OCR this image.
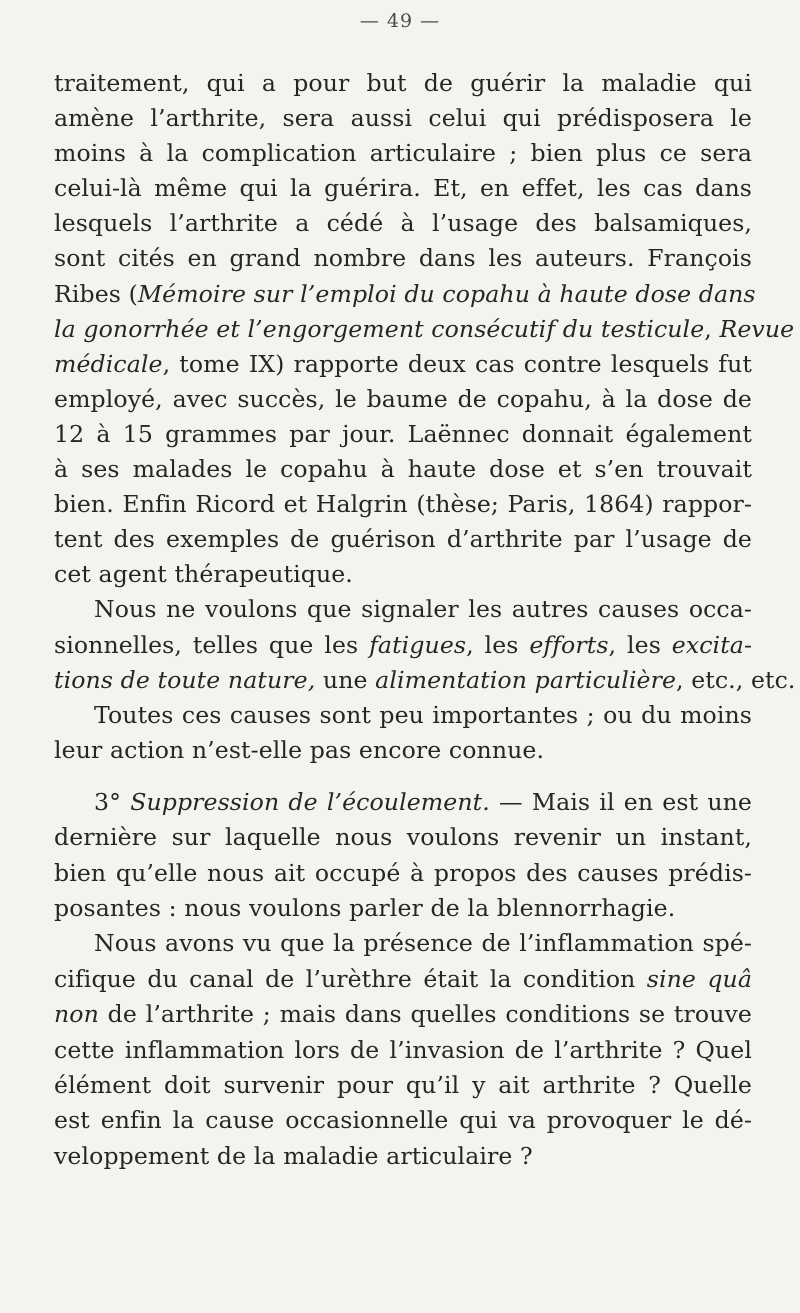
— 49 —
traitement, qui a pour but de guérir la maladie qui
amène l’arthrite, sera aussi celui qui prédisposera le
moins à la complication articulaire ; bien plus ce sera
celui-là même qui la guérira. Et, en effet, les cas dans
lesquels l’arthrite a cédé à l’usage des balsamiques,
sont cités en grand nombre dans les auteurs. François
Ribes (Mémoire sur l’emploi du copahu à haute dose dans
la gonorrhée et l’engorgement consécutif du testicule, Revue
médicale, tome IX) rapporte deux cas contre lesquels fut
employé, avec succès, le baume de copahu, à la dose de
12 à 15 grammes par jour. Laënnec donnait également
à ses malades le copahu à haute dose et s’en trouvait
bien. Enfin Ricord et Halgrin (thèse; Paris, 1864) rappor-
tent des exemples de guérison d’arthrite par l’usage de
cet agent thérapeutique.
Nous ne voulons que signaler les autres causes occa-
sionnelles, telles que les fatigues, les efforts, les excita-
tions de toute nature, une alimentation particulière, etc., etc.
Toutes ces causes sont peu importantes ; ou du moins
leur action n’est-elle pas encore connue.
3° Suppression de l’écoulement. — Mais il en est une
dernière sur laquelle nous voulons revenir un instant,
bien qu’elle nous ait occupé à propos des causes prédis-
posantes : nous voulons parler de la blennorrhagie.
Nous avons vu que la présence de l’inflammation spé-
cifique du canal de l’urèthre était la condition sine quâ
non de l’arthrite ; mais dans quelles conditions se trouve
cette inflammation lors de l’invasion de l’arthrite ? Quel
élément doit survenir pour qu’il y ait arthrite ? Quelle
est enfin la cause occasionnelle qui va provoquer le dé-
veloppement de la maladie articulaire ?
